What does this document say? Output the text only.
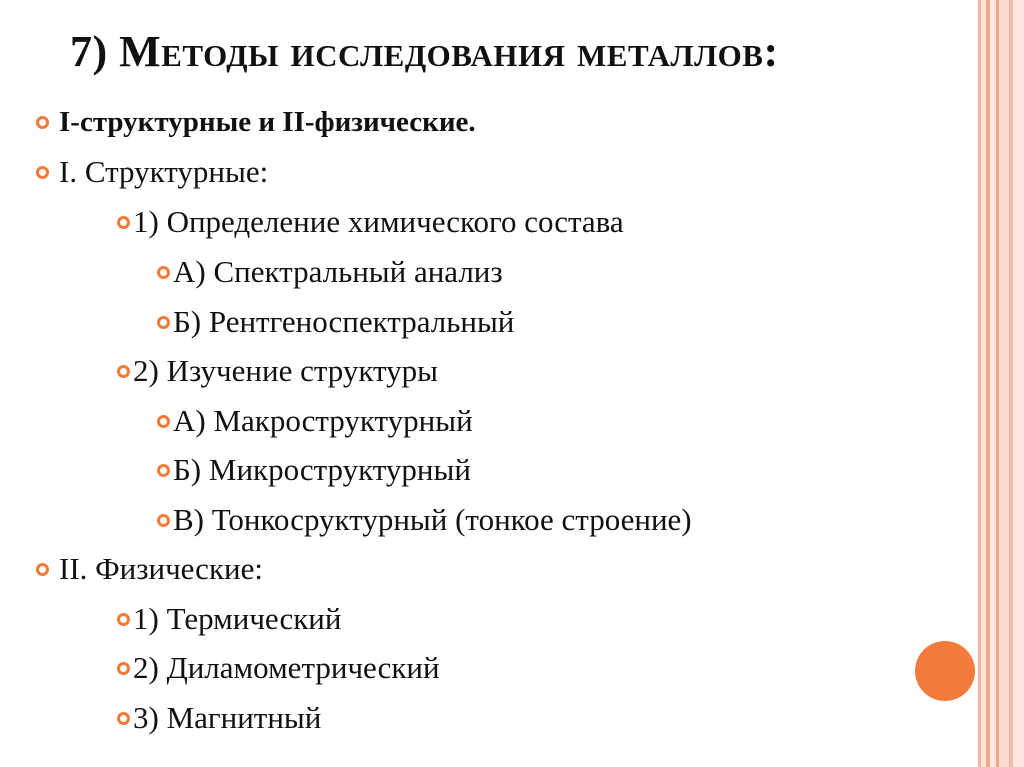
7) Методы исследования металлов:
I-структурные и II-физические.
I. Структурные:
1) Определение химического состава
А) Спектральный анализ
Б) Рентгеноспектральный
2) Изучение структуры
А) Макроструктурный
Б) Микроструктурный
В) Тонкосруктурный (тонкое строение)
II. Физические:
1) Термический
2) Диламометрический
3) Магнитный
